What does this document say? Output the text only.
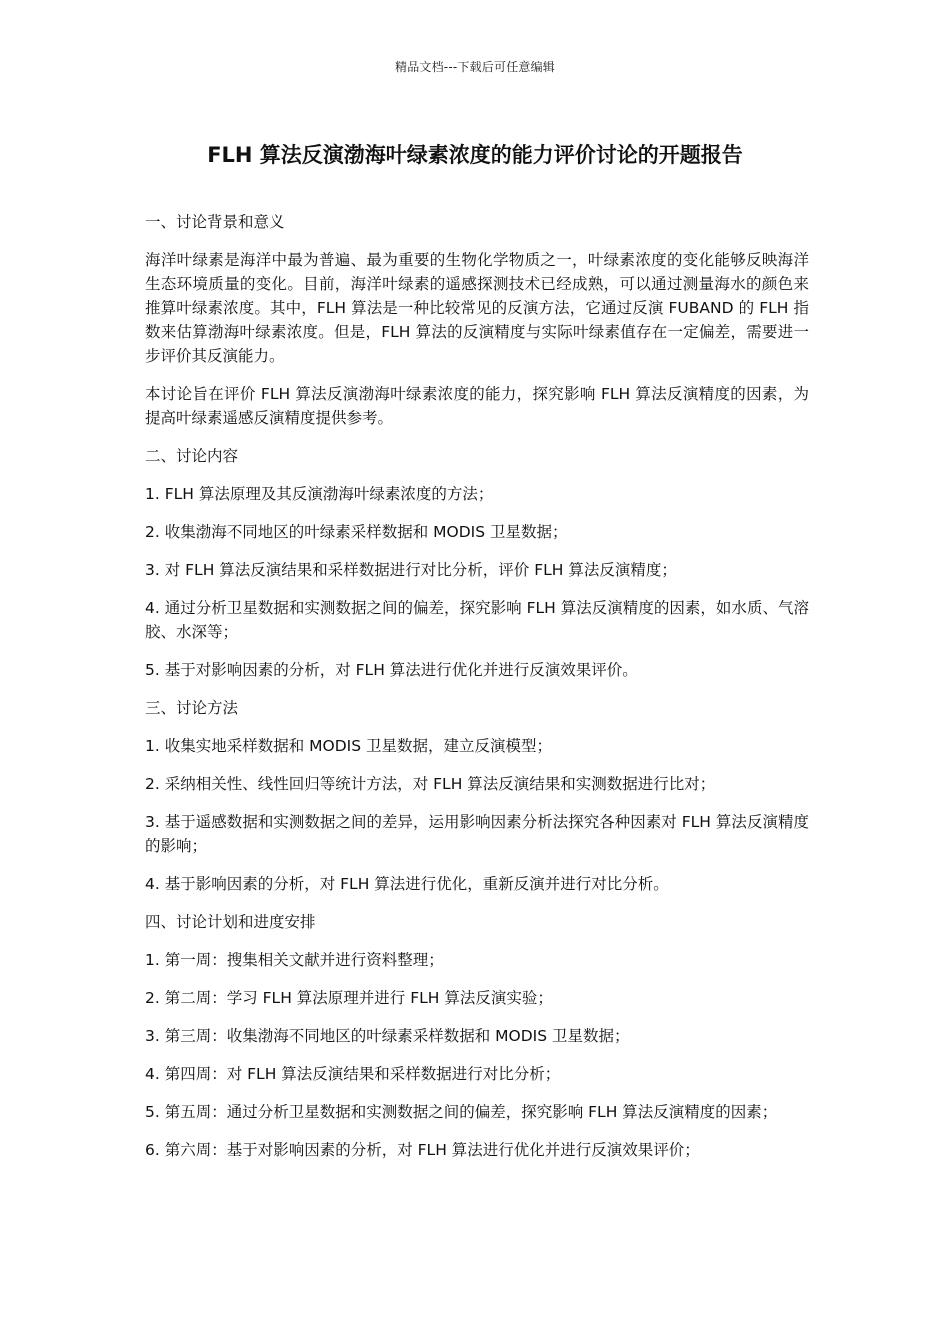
精品文档---下载后可任意编辑
FLH 算法反演渤海叶绿素浓度的能力评价讨论的开题报告

一、讨论背景和意义

海洋叶绿素是海洋中最为普遍、最为重要的生物化学物质之一，叶绿素浓度的变化能够反映海洋生态环境质量的变化。目前，海洋叶绿素的遥感探测技术已经成熟，可以通过测量海水的颜色来推算叶绿素浓度。其中，FLH 算法是一种比较常见的反演方法，它通过反演 FUBAND 的 FLH 指数来估算渤海叶绿素浓度。但是，FLH 算法的反演精度与实际叶绿素值存在一定偏差，需要进一步评价其反演能力。

本讨论旨在评价 FLH 算法反演渤海叶绿素浓度的能力，探究影响 FLH 算法反演精度的因素，为提高叶绿素遥感反演精度提供参考。

二、讨论内容

1. FLH 算法原理及其反演渤海叶绿素浓度的方法；

2. 收集渤海不同地区的叶绿素采样数据和 MODIS 卫星数据；

3. 对 FLH 算法反演结果和采样数据进行对比分析，评价 FLH 算法反演精度；

4. 通过分析卫星数据和实测数据之间的偏差，探究影响 FLH 算法反演精度的因素，如水质、气溶胶、水深等；

5. 基于对影响因素的分析，对 FLH 算法进行优化并进行反演效果评价。

三、讨论方法

1. 收集实地采样数据和 MODIS 卫星数据，建立反演模型；

2. 采纳相关性、线性回归等统计方法，对 FLH 算法反演结果和实测数据进行比对；

3. 基于遥感数据和实测数据之间的差异，运用影响因素分析法探究各种因素对 FLH 算法反演精度的影响；

4. 基于影响因素的分析，对 FLH 算法进行优化，重新反演并进行对比分析。

四、讨论计划和进度安排

1. 第一周：搜集相关文献并进行资料整理；

2. 第二周：学习 FLH 算法原理并进行 FLH 算法反演实验；

3. 第三周：收集渤海不同地区的叶绿素采样数据和 MODIS 卫星数据；

4. 第四周：对 FLH 算法反演结果和采样数据进行对比分析；

5. 第五周：通过分析卫星数据和实测数据之间的偏差，探究影响 FLH 算法反演精度的因素；

6. 第六周：基于对影响因素的分析，对 FLH 算法进行优化并进行反演效果评价；
